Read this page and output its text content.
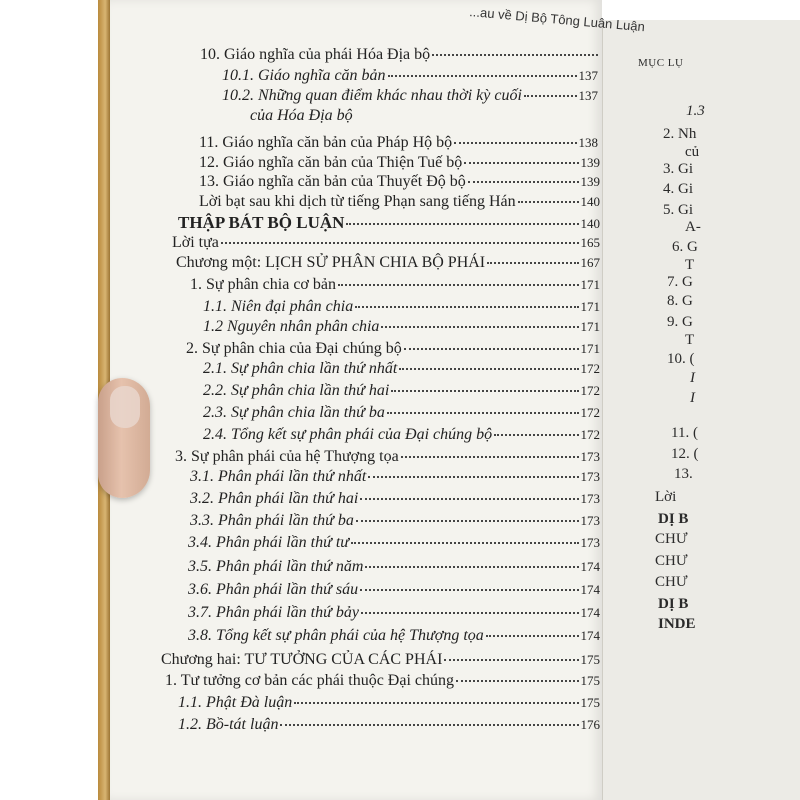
...au về Dị Bộ Tông Luân Luận
10. Giáo nghĩa của phái Hóa Địa bộ
10.1. Giáo nghĩa căn bản	137
10.2. Những quan điểm khác nhau thời kỳ cuối	137
của Hóa Địa bộ
11. Giáo nghĩa căn bản của Pháp Hộ bộ	138
12. Giáo nghĩa căn bản của Thiện Tuế bộ	139
13. Giáo nghĩa căn bản của Thuyết Độ bộ	139
Lời bạt sau khi dịch từ tiếng Phạn sang tiếng Hán	140
THẬP BÁT BỘ LUẬN	140
Lời tựa	165
Chương một: LỊCH SỬ PHÂN CHIA BỘ PHÁI	167
1. Sự phân chia cơ bản	171
1.1. Niên đại phân chia	171
1.2 Nguyên nhân phân chia	171
2. Sự phân chia của Đại chúng bộ	171
2.1. Sự phân chia lần thứ nhất	172
2.2. Sự phân chia lần thứ hai	172
2.3. Sự phân chia lần thứ ba	172
2.4. Tổng kết sự phân phái của Đại chúng bộ	172
3. Sự phân phái của hệ Thượng tọa	173
3.1. Phân phái lần thứ nhất	173
3.2. Phân phái lần thứ hai	173
3.3. Phân phái lần thứ ba	173
3.4. Phân phái lần thứ tư	173
3.5. Phân phái lần thứ năm	174
3.6. Phân phái lần thứ sáu	174
3.7. Phân phái lần thứ bảy	174
3.8. Tổng kết sự phân phái của hệ Thượng tọa	174
Chương hai: TƯ TƯỞNG CỦA CÁC PHÁI	175
1. Tư tưởng cơ bản các phái thuộc Đại chúng	175
1.1. Phật Đà luận	175
1.2. Bồ-tát luận	176
MỤC LỤ
1.3
2. Nh
củ
3. Gi
4. Gi
5. Gi
A-
6. G
T
7. G
8. G
9. G
T
10. (
I
I
11. (
12. (
13.
Lời
DỊ B
CHƯ
CHƯ
CHƯ
DỊ B
INDE
